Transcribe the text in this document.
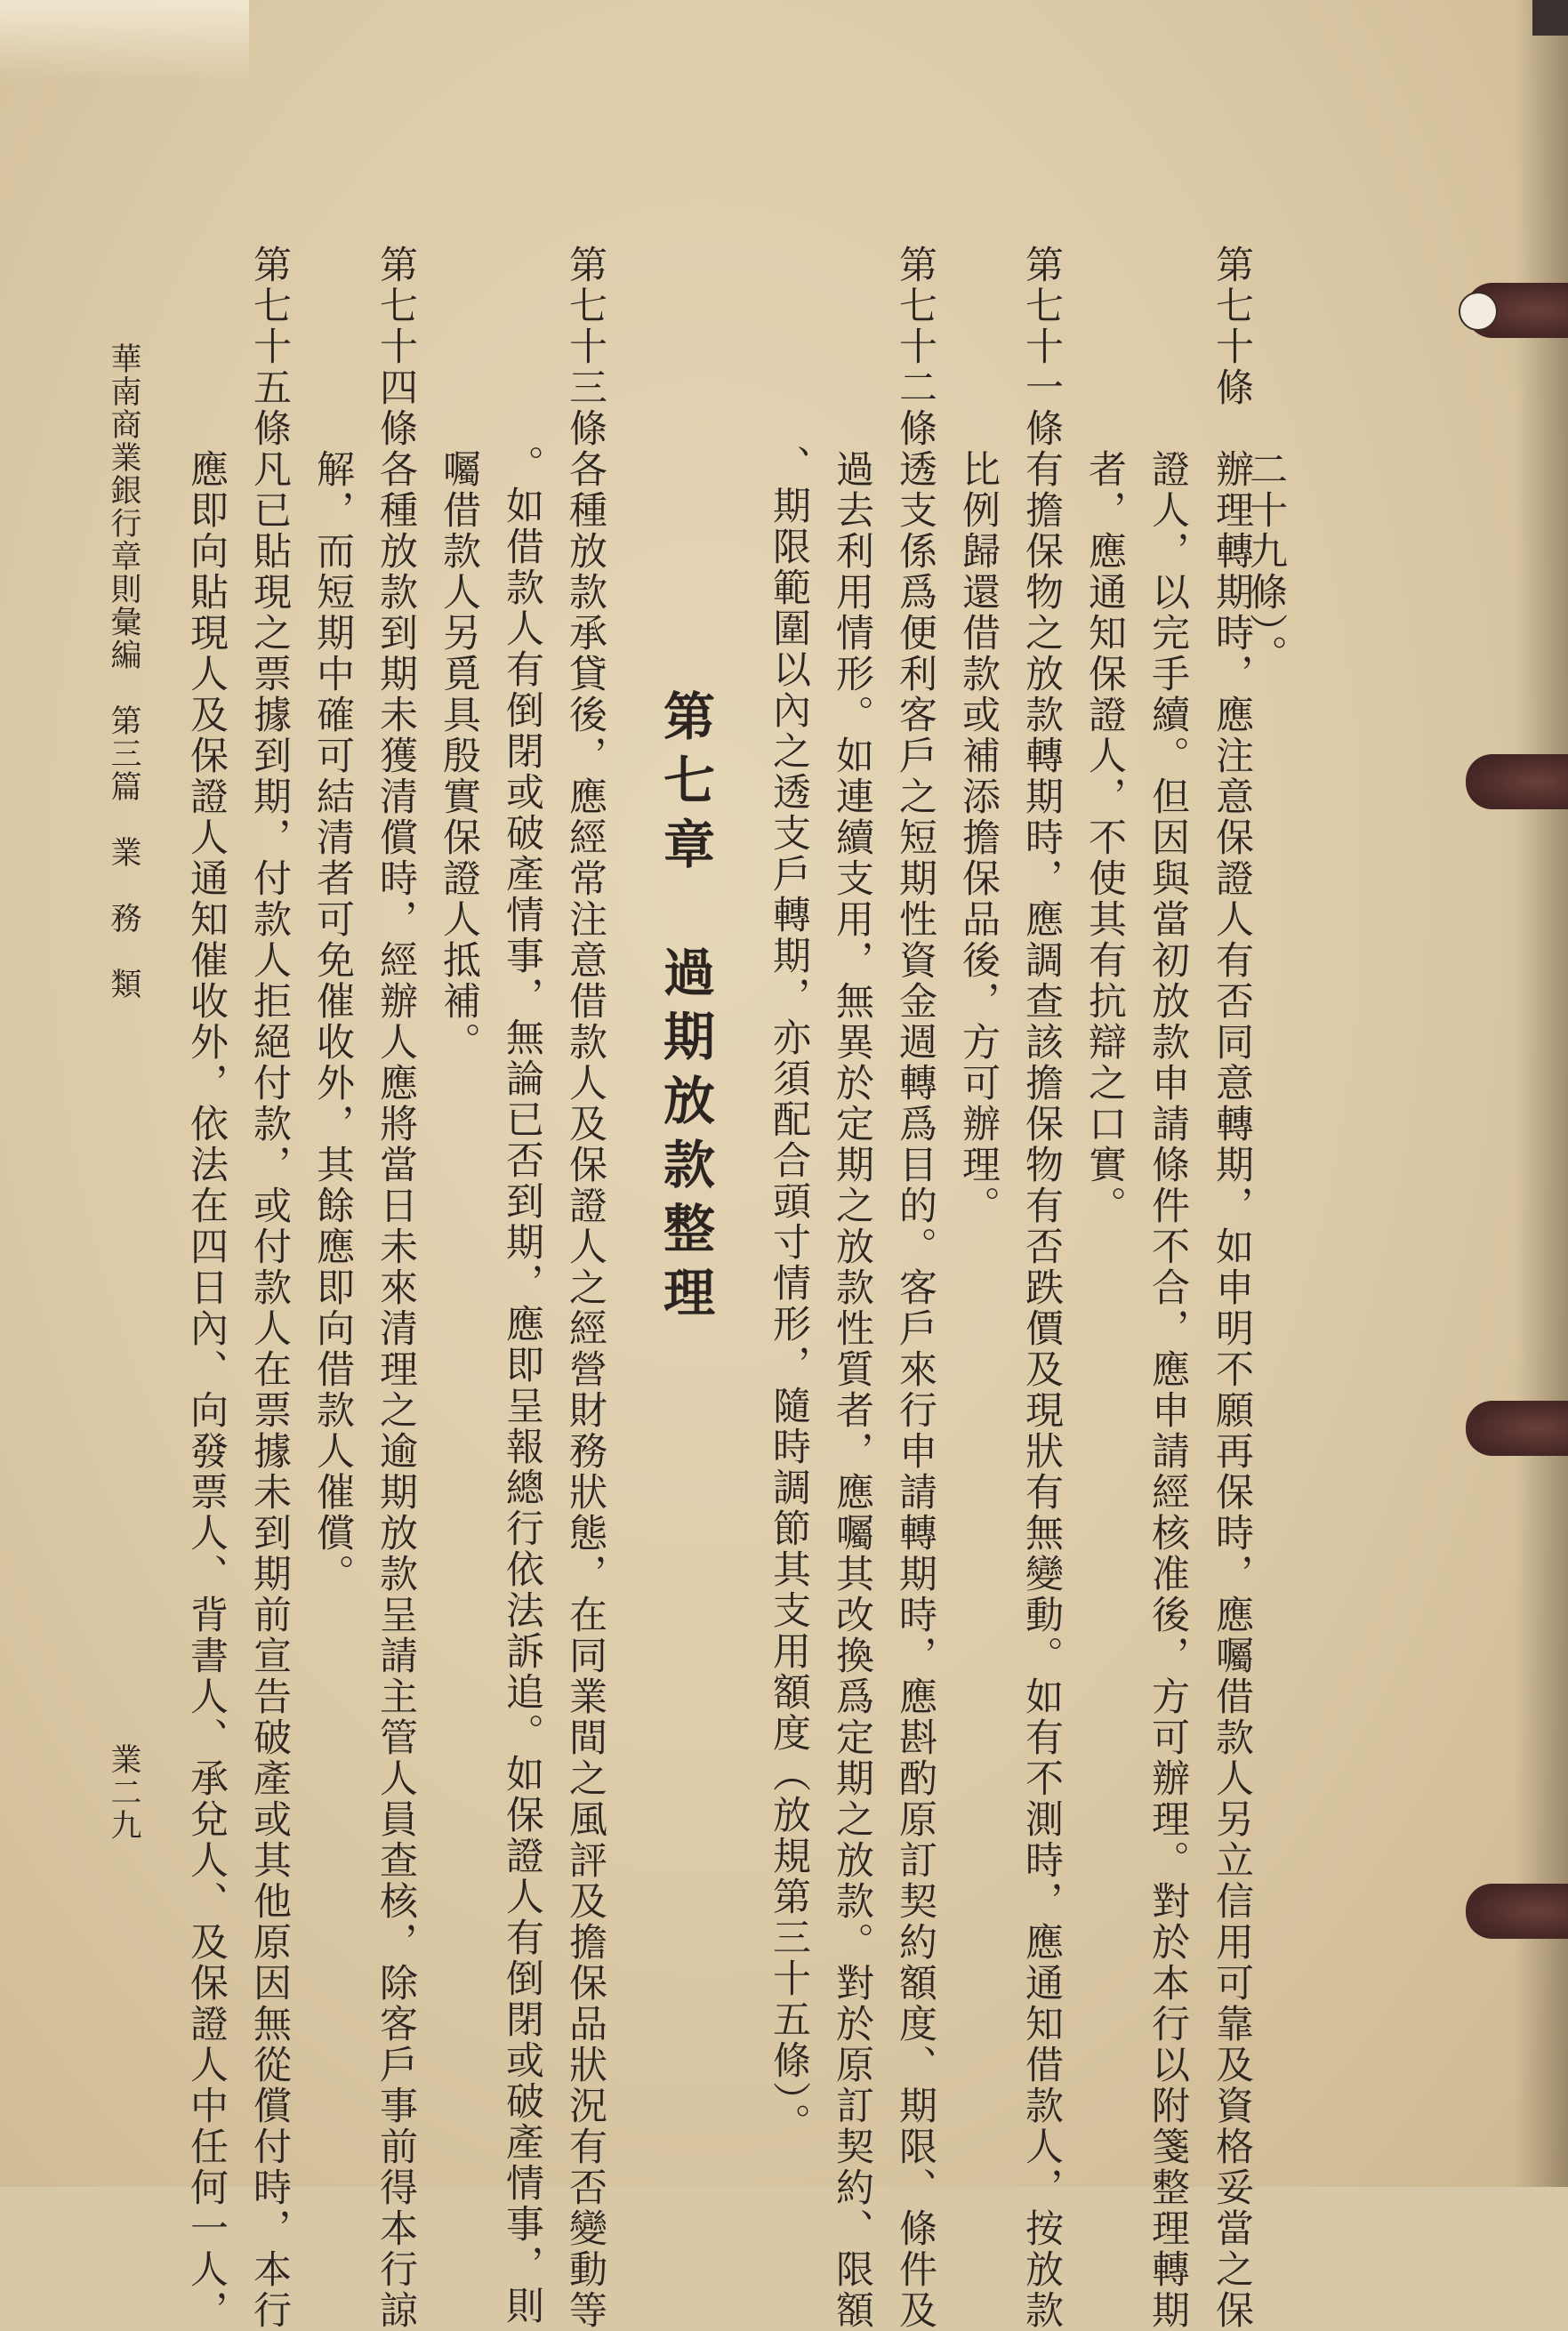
二十九條）。
第七十條
辦理轉期時，應注意保證人有否同意轉期，如申明不願再保時，應囑借款人另立信用可靠及資格妥當之保
證人，以完手續。但因與當初放款申請條件不合，應申請經核准後，方可辦理。對於本行以附箋整理轉期
者，應通知保證人，不使其有抗辯之口實。
第七十一條
有擔保物之放款轉期時，應調查該擔保物有否跌價及現狀有無變動。如有不測時，應通知借款人，按放款
比例歸還借款或補添擔保品後，方可辦理。
第七十二條
透支係爲便利客戶之短期性資金週轉爲目的。客戶來行申請轉期時，應斟酌原訂契約額度、期限、條件及
過去利用情形。如連續支用，無異於定期之放款性質者，應囑其改換爲定期之放款。對於原訂契約、限額
、期限範圍以內之透支戶轉期，亦須配合頭寸情形，隨時調節其支用額度（放規第三十五條）。
第七章　過期放款整理
第七十三條
各種放款承貸後，應經常注意借款人及保證人之經營財務狀態，在同業間之風評及擔保品狀況有否變動等
。如借款人有倒閉或破產情事，無論已否到期，應即呈報總行依法訴追。如保證人有倒閉或破產情事，則
囑借款人另覓具殷實保證人抵補。
第七十四條
各種放款到期未獲清償時，經辦人應將當日未來清理之逾期放款呈請主管人員查核，除客戶事前得本行諒
解，而短期中確可結清者可免催收外，其餘應即向借款人催償。
第七十五條
凡已貼現之票據到期，付款人拒絕付款，或付款人在票據未到期前宣告破產或其他原因無從償付時，本行
應即向貼現人及保證人通知催收外，依法在四日內、向發票人、背書人、承兌人、及保證人中任何一人，
華南商業銀行章則彙編　第三篇　業　務　類
業二九
